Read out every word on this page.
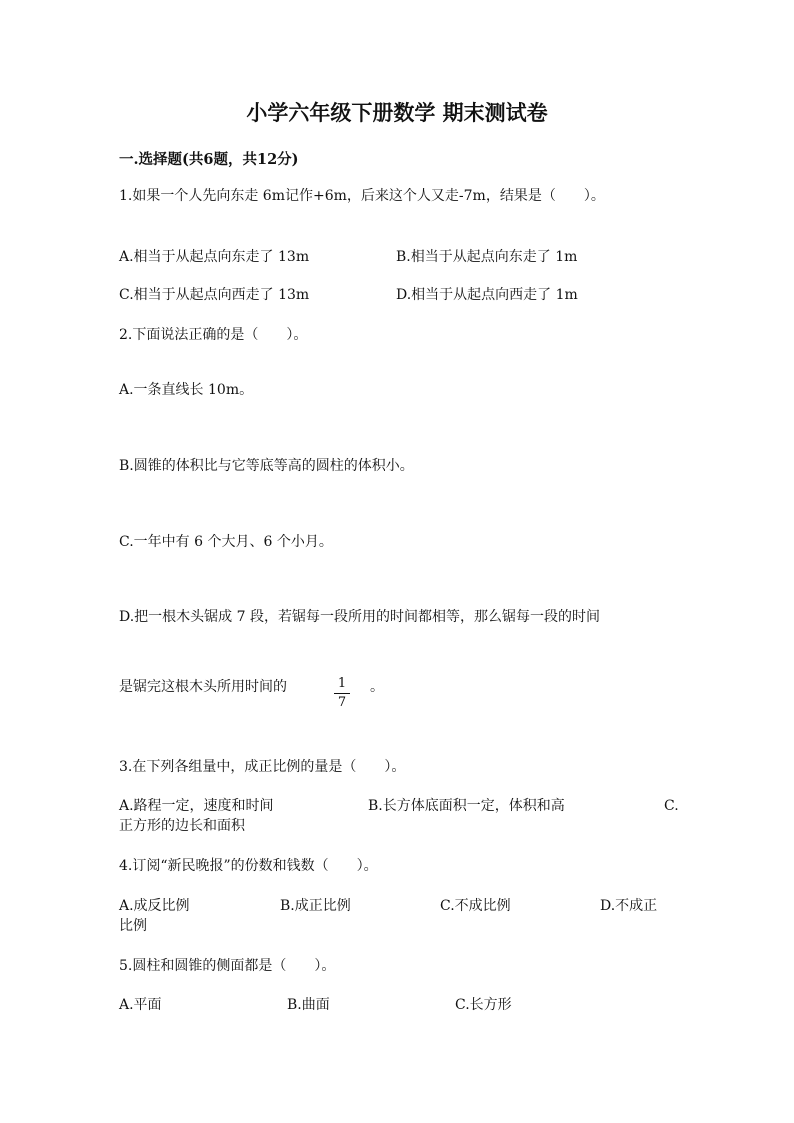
小学六年级下册数学 期末测试卷
一.选择题(共6题，共12分)
1.如果一个人先向东走 6m记作+6m，后来这个人又走-7m，结果是（　　）。
A.相当于从起点向东走了 13m	B.相当于从起点向东走了 1m
C.相当于从起点向西走了 13m	D.相当于从起点向西走了 1m
2.下面说法正确的是（　　）。
A.一条直线长 10m。
B.圆锥的体积比与它等底等高的圆柱的体积小。
C.一年中有 6 个大月、6 个小月。
D.把一根木头锯成 7 段，若锯每一段所用的时间都相等，那么锯每一段的时间
是锯完这根木头所用时间的	1
7
。
3.在下列各组量中，成正比例的量是（　　）。
A.路程一定，速度和时间	B.长方体底面积一定，体积和高	C.
正方形的边长和面积
4.订阅“新民晚报”的份数和钱数（　　）。
A.成反比例	B.成正比例	C.不成比例	D.不成正
比例
5.圆柱和圆锥的侧面都是（　　）。
A.平面	B.曲面	C.长方形
